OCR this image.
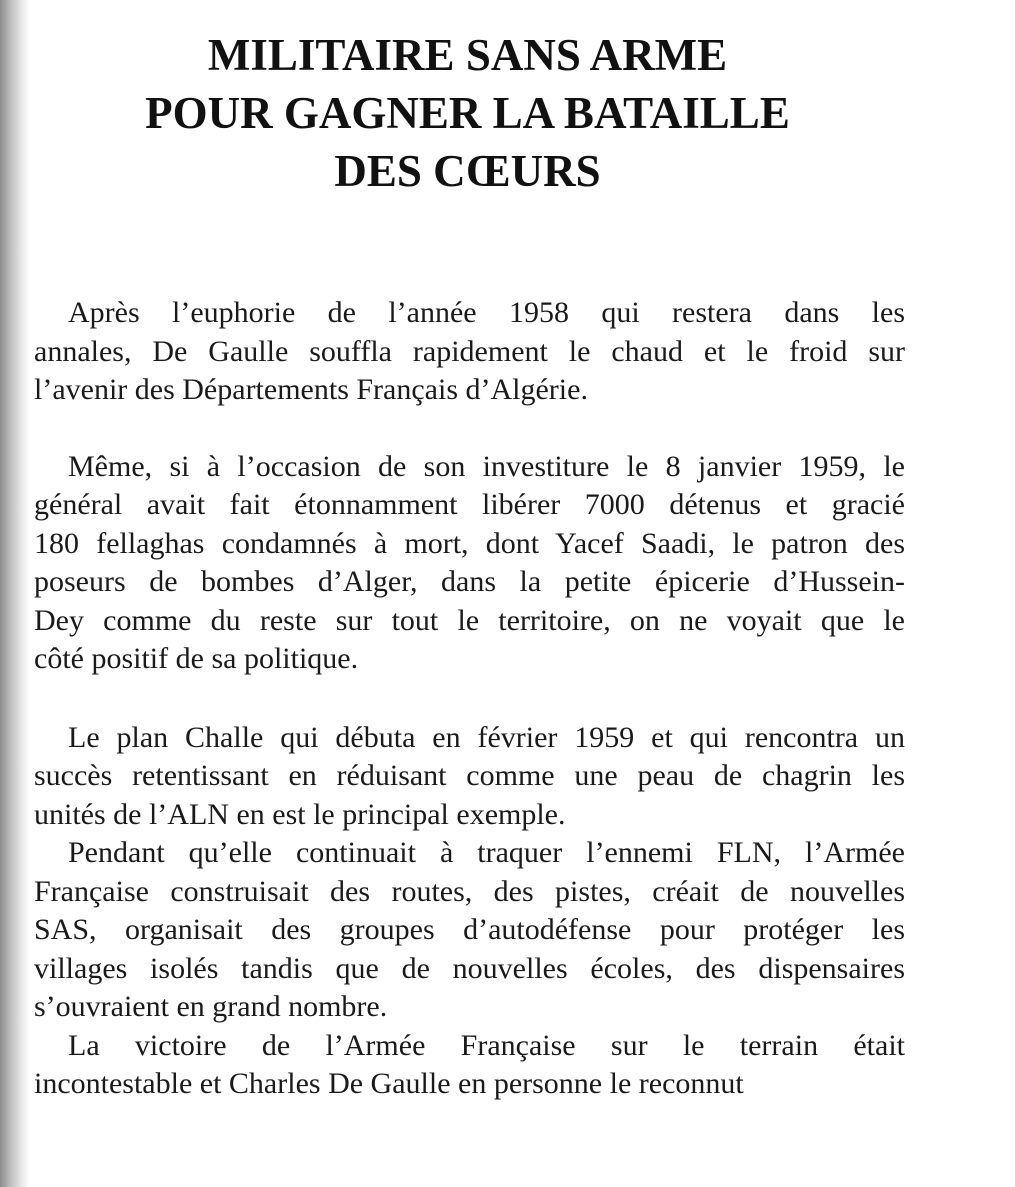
MILITAIRE SANS ARME
POUR GAGNER LA BATAILLE
DES CŒURS
Après l’euphorie de l’année 1958 qui restera dans les
annales, De Gaulle souffla rapidement le chaud et le froid sur
l’avenir des Départements Français d’Algérie.
Même, si à l’occasion de son investiture le 8 janvier 1959, le
général avait fait étonnamment libérer 7000 détenus et gracié
180 fellaghas condamnés à mort, dont Yacef Saadi, le patron des
poseurs de bombes d’Alger, dans la petite épicerie d’Hussein-
Dey comme du reste sur tout le territoire, on ne voyait que le
côté positif de sa politique.
Le plan Challe qui débuta en février 1959 et qui rencontra un
succès retentissant en réduisant comme une peau de chagrin les
unités de l’ALN en est le principal exemple.
Pendant qu’elle continuait à traquer l’ennemi FLN, l’Armée
Française construisait des routes, des pistes, créait de nouvelles
SAS, organisait des groupes d’autodéfense pour protéger les
villages isolés tandis que de nouvelles écoles, des dispensaires
s’ouvraient en grand nombre.
La victoire de l’Armée Française sur le terrain était
incontestable et Charles De Gaulle en personne le reconnut
